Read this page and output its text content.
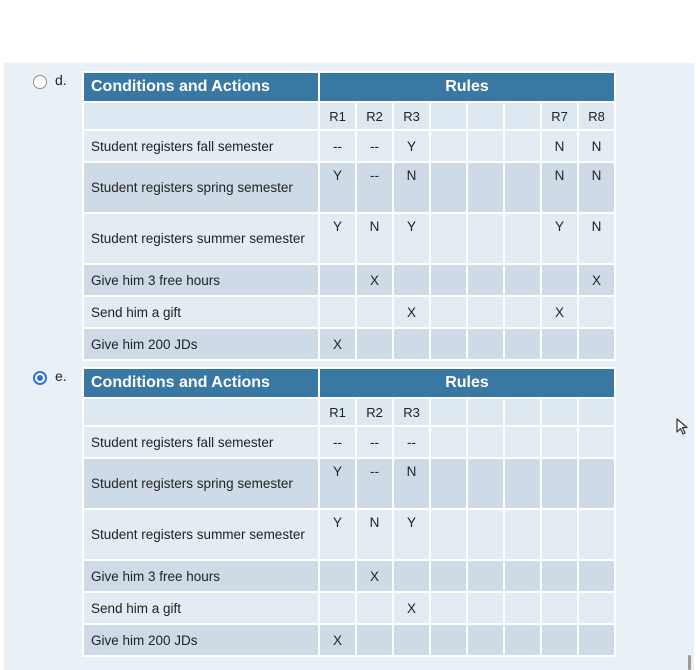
d. Conditions and Actions	Rules							
	R1	R2	R3				R7	R8
Student registers fall semester	--	--	Y				N	N
Student registers spring semester	Y	--	N				N	N
Student registers summer semester	Y	N	Y				Y	N
Give him 3 free hours		X						X
Send him a gift			X				X	
Give him 200 JDs	X							
e. Conditions and Actions	Rules							
	R1	R2	R3					
Student registers fall semester	--	--	--					
Student registers spring semester	Y	--	N					
Student registers summer semester	Y	N	Y					
Give him 3 free hours		X						
Send him a gift			X					
Give him 200 JDs	X							
